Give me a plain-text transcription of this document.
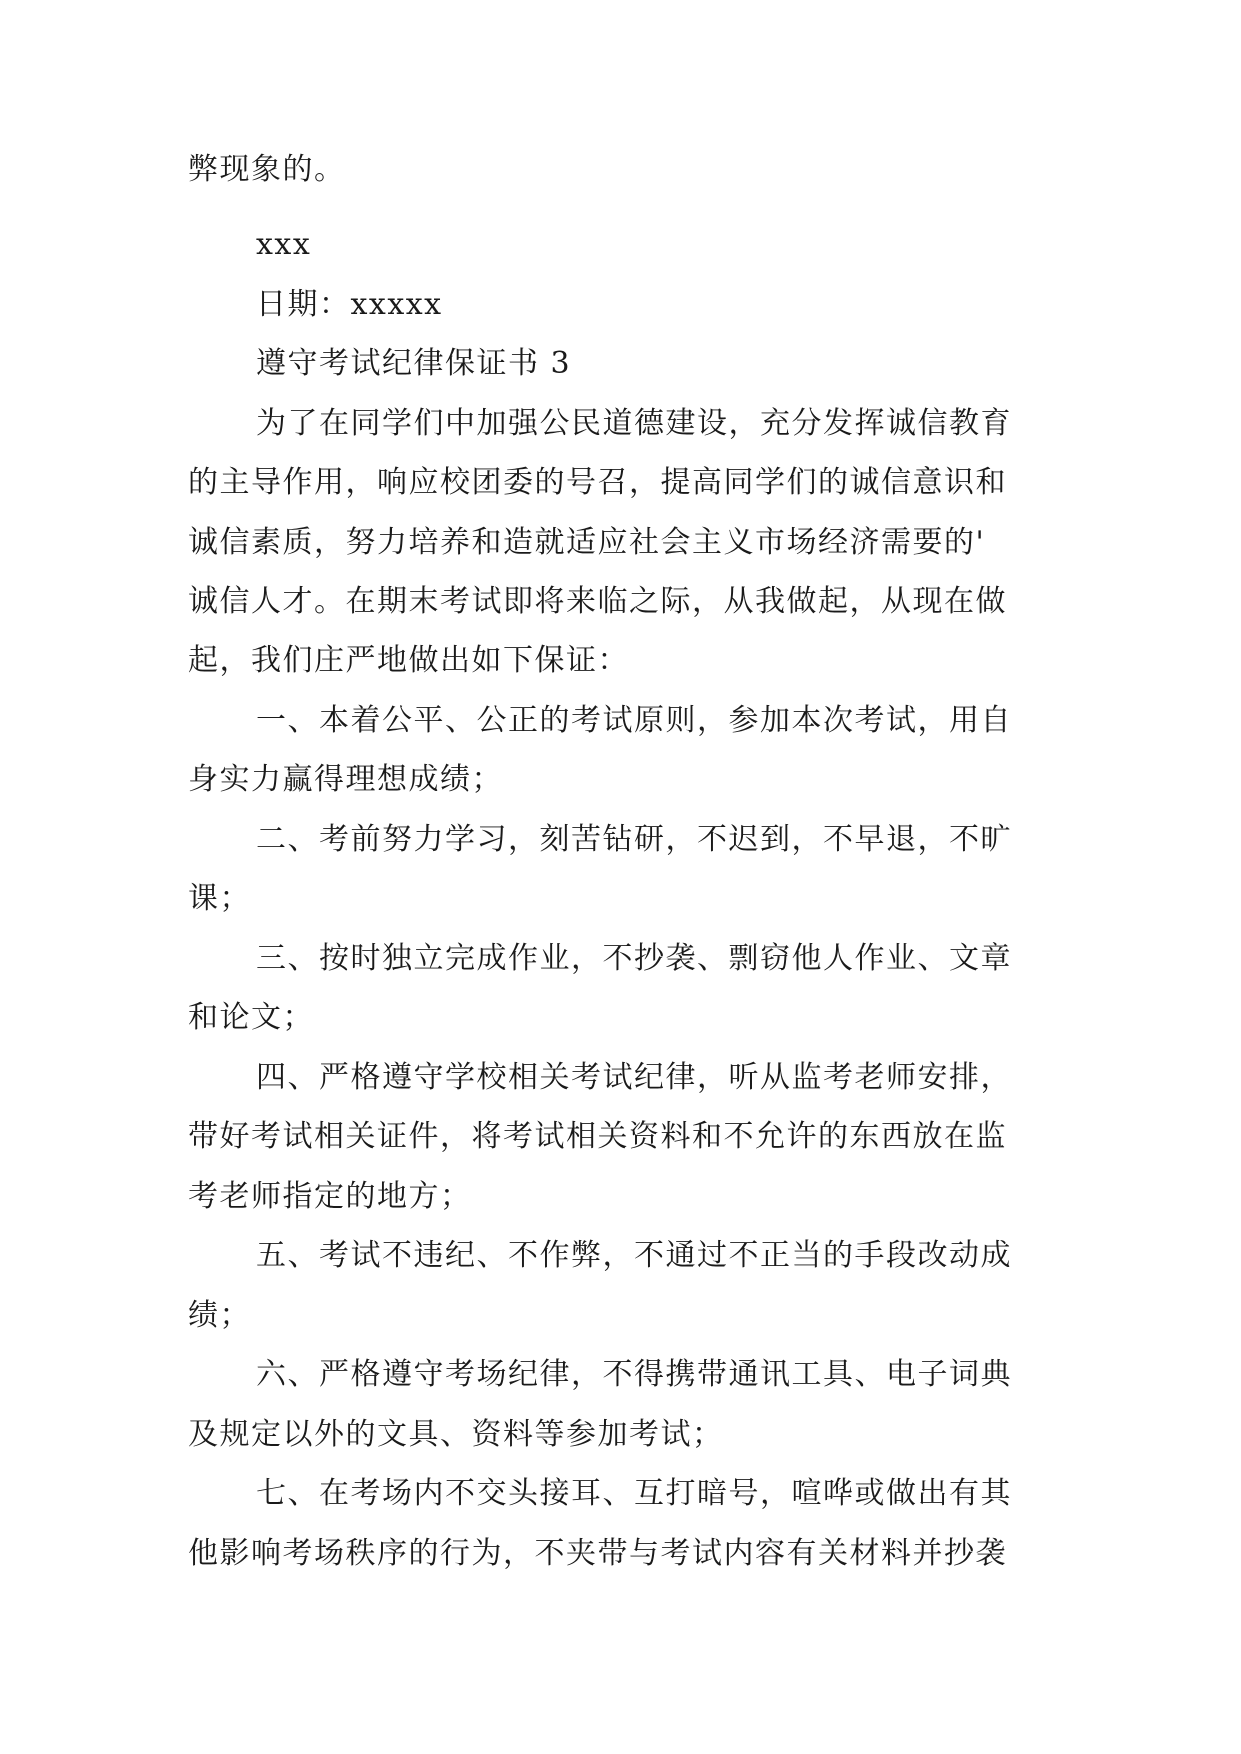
弊现象的。
xxx
日期：xxxxx
遵守考试纪律保证书 3
为了在同学们中加强公民道德建设，充分发挥诚信教育
的主导作用，响应校团委的号召，提高同学们的诚信意识和
诚信素质，努力培养和造就适应社会主义市场经济需要的'
诚信人才。在期末考试即将来临之际，从我做起，从现在做
起，我们庄严地做出如下保证：
一、本着公平、公正的考试原则，参加本次考试，用自
身实力赢得理想成绩；
二、考前努力学习，刻苦钻研，不迟到，不早退，不旷
课；
三、按时独立完成作业，不抄袭、剽窃他人作业、文章
和论文；
四、严格遵守学校相关考试纪律，听从监考老师安排，
带好考试相关证件，将考试相关资料和不允许的东西放在监
考老师指定的地方；
五、考试不违纪、不作弊，不通过不正当的手段改动成
绩；
六、严格遵守考场纪律，不得携带通讯工具、电子词典
及规定以外的文具、资料等参加考试；
七、在考场内不交头接耳、互打暗号，喧哗或做出有其
他影响考场秩序的行为，不夹带与考试内容有关材料并抄袭
